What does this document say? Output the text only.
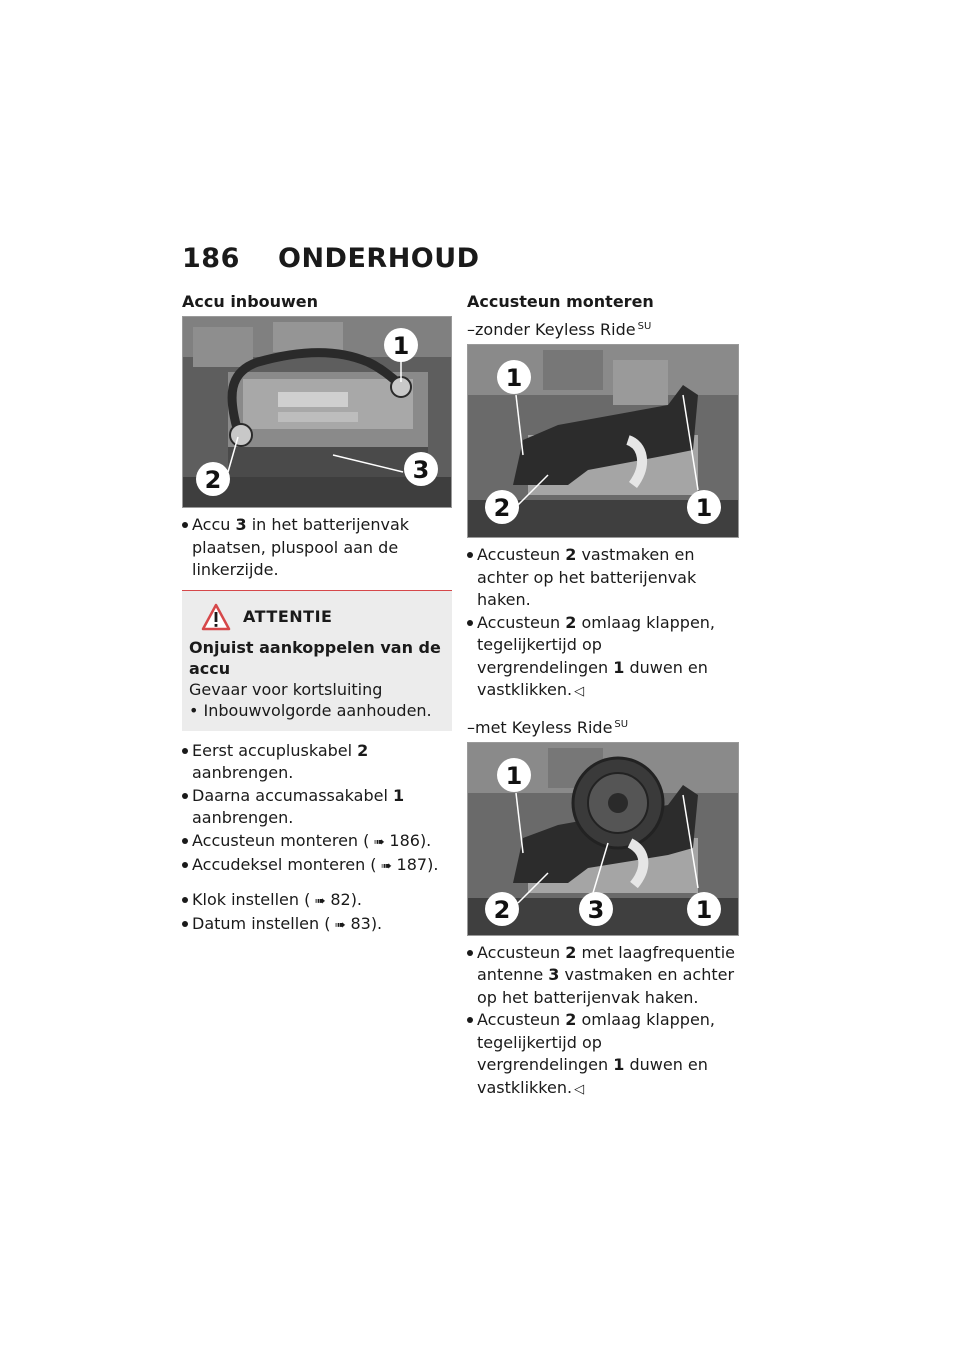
186	ONDERHOUD
Accu inbouwen
1
2	3
Accu 3 in het batterijenvak plaatsen, pluspool aan de linkerzijde.
ATTENTIE
Onjuist aankoppelen van de accu
Gevaar voor kortsluiting
• Inbouwvolgorde aanhouden.
Eerst accupluskabel 2 aanbrengen.
Daarna accumassakabel 1 aanbrengen.
Accusteun monteren ( ➠ 186).
Accudeksel monteren ( ➠ 187).
Klok instellen ( ➠ 82).
Datum instellen ( ➠ 83).
Accusteun monteren
–zonder Keyless Ride $^{SU}$
1
2	1
Accusteun 2 vastmaken en achter op het batterijenvak haken.
Accusteun 2 omlaag klappen, tegelijkertijd op vergrendelingen 1 duwen en vastklikken. ◁
–met Keyless Ride $^{SU}$
1
2	3	1
Accusteun 2 met laagfrequentie antenne 3 vastmaken en achter op het batterijenvak haken.
Accusteun 2 omlaag klappen, tegelijkertijd op vergrendelingen 1 duwen en vastklikken. ◁
